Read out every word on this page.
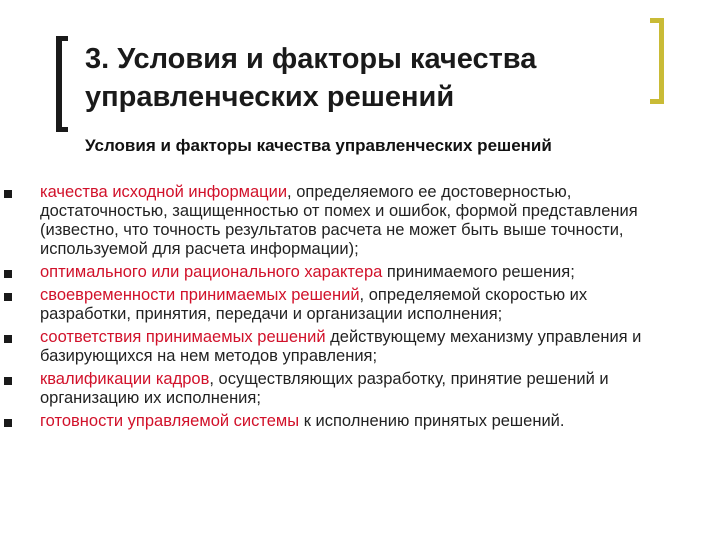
3. Условия и факторы качества управленческих решений

Условия и факторы качества управленческих решений

качества исходной информации, определяемого ее достоверностью, достаточностью, защищенностью от помех и ошибок, формой представления (известно, что точность результатов расчета не может быть выше точности, используемой для расчета информации);
оптимального или рационального характера принимаемого решения;
своевременности принимаемых решений, определяемой скоростью их разработки, принятия, передачи и организации исполнения;
соответствия принимаемых решений действующему механизму управления и базирующихся на нем методов управления;
квалификации кадров, осуществляющих разработку, принятие решений и организацию их исполнения;
готовности управляемой системы к исполнению принятых решений.
